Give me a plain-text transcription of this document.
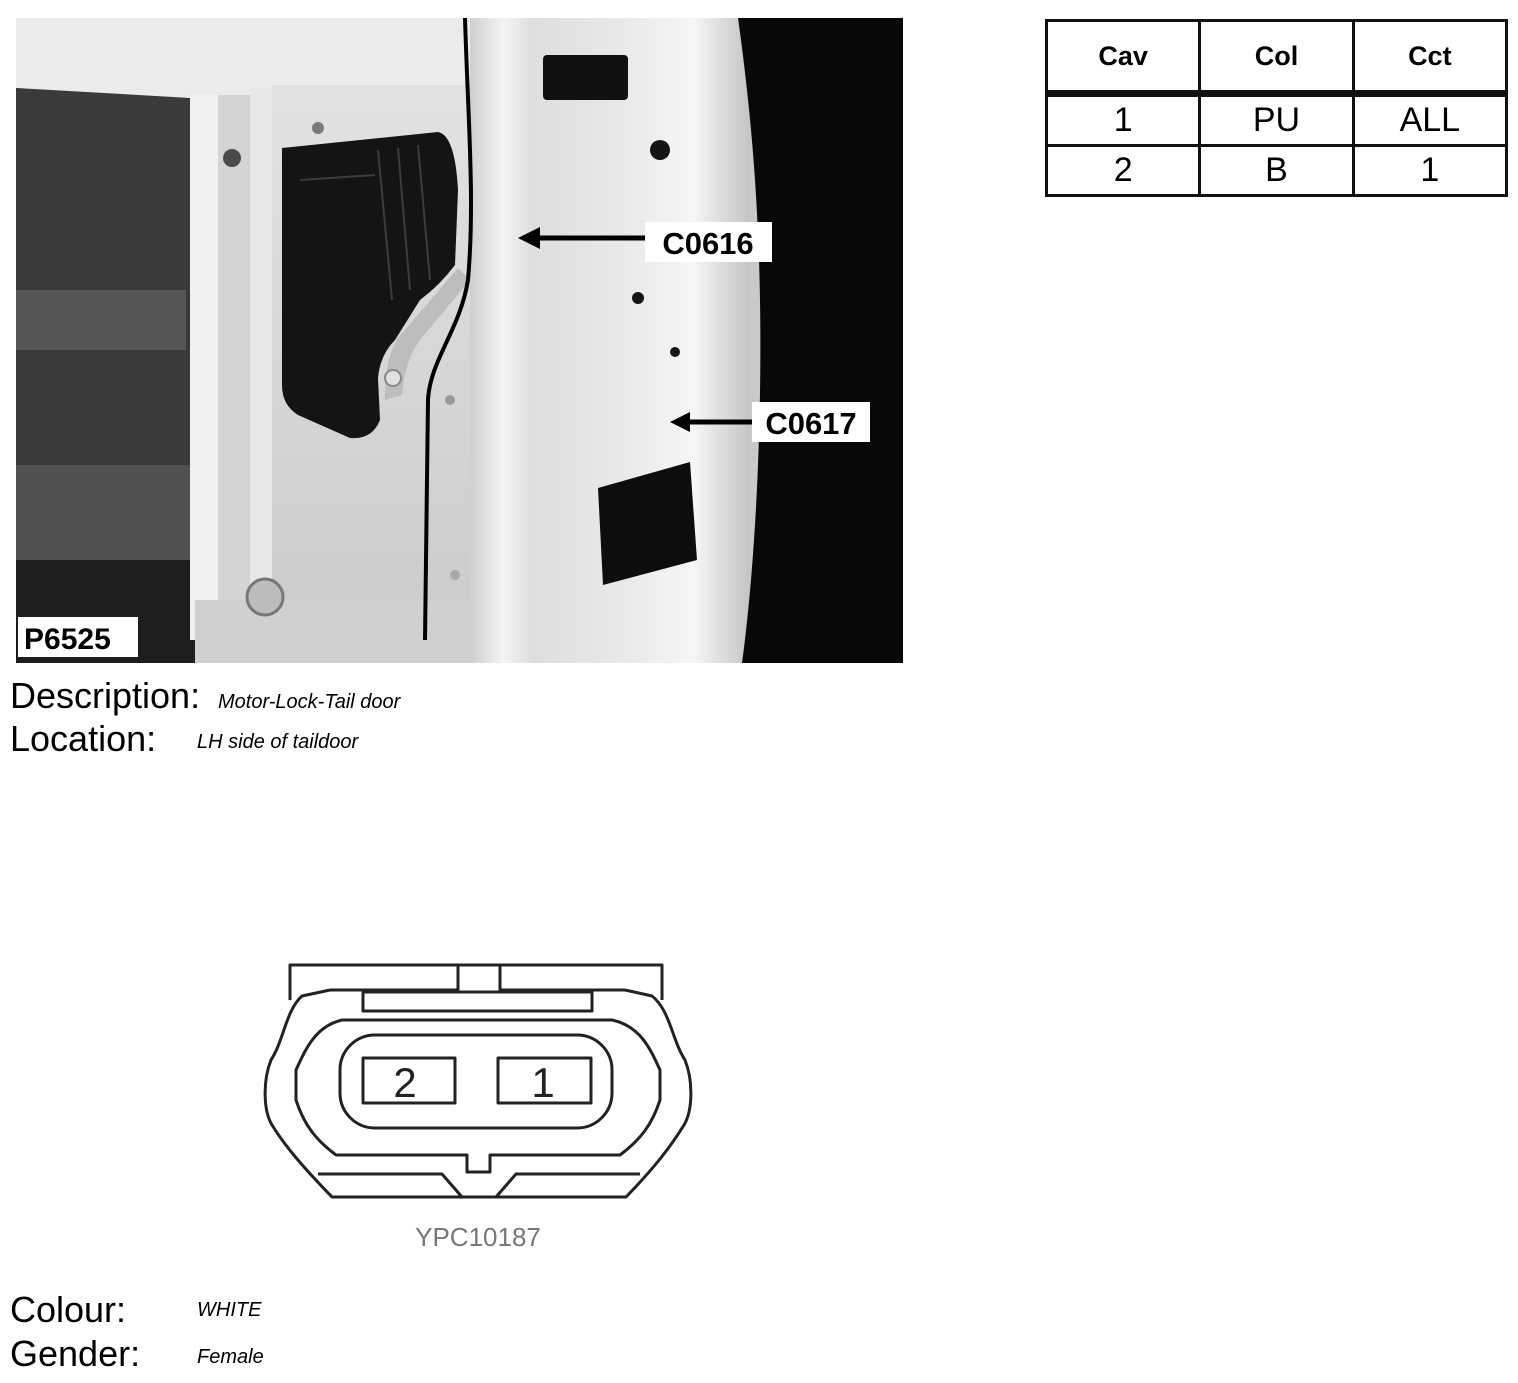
C0616
C0617
P6525
Cav	Col	Cct
1	PU	ALL
2	B	1
Description: Motor-Lock-Tail door
Location: LH side of taildoor
2	1
YPC10187
Colour:	WHITE
Gender:	Female
